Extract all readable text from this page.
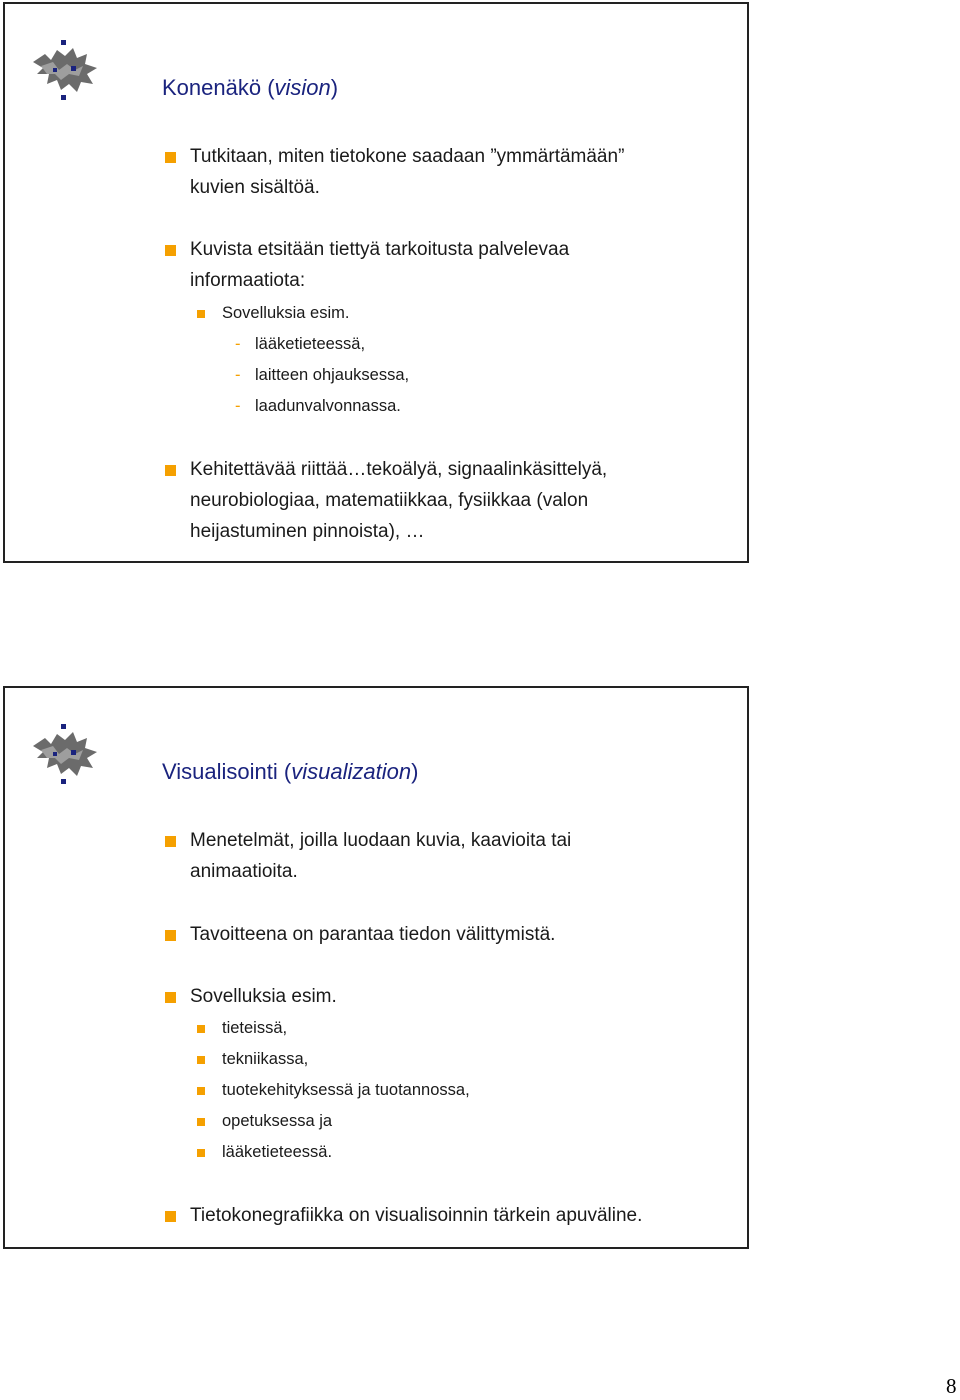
Konenäkö (vision)
Tutkitaan, miten tietokone saadaan ”ymmärtämään”
kuvien sisältöä.
Kuvista etsitään tiettyä tarkoitusta palvelevaa
informaatiota:
Sovelluksia esim.
- lääketieteessä,
- laitteen ohjauksessa,
- laadunvalvonnassa.
Kehitettävää riittää…tekoälyä, signaalinkäsittelyä,
neurobiologiaa, matematiikkaa, fysiikkaa (valon
heijastuminen pinnoista), …
Visualisointi (visualization)
Menetelmät, joilla luodaan kuvia, kaavioita tai
animaatioita.
Tavoitteena on parantaa tiedon välittymistä.
Sovelluksia esim.
tieteissä,
tekniikassa,
tuotekehityksessä ja tuotannossa,
opetuksessa ja
lääketieteessä.
Tietokonegrafiikka on visualisoinnin tärkein apuväline.
8
